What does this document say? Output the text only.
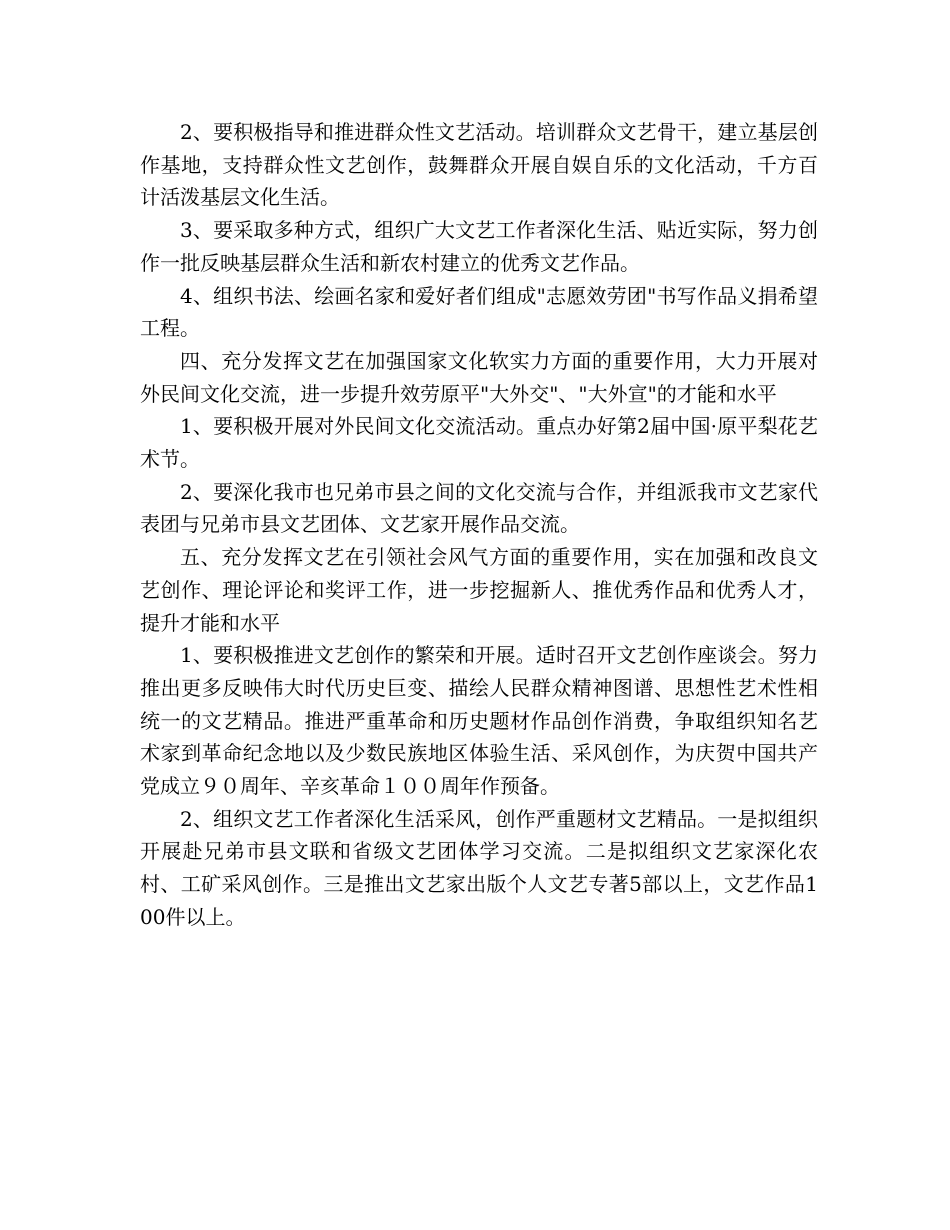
2、要积极指导和推进群众性文艺活动。培训群众文艺骨干，建立基层创作基地，支持群众性文艺创作，鼓舞群众开展自娱自乐的文化活动，千方百计活泼基层文化生活。

3、要采取多种方式，组织广大文艺工作者深化生活、贴近实际，努力创作一批反映基层群众生活和新农村建立的优秀文艺作品。

4、组织书法、绘画名家和爱好者们组成"志愿效劳团"书写作品义捐希望工程。

四、充分发挥文艺在加强国家文化软实力方面的重要作用，大力开展对外民间文化交流，进一步提升效劳原平"大外交"、"大外宣"的才能和水平

1、要积极开展对外民间文化交流活动。重点办好第2届中国·原平梨花艺术节。

2、要深化我市也兄弟市县之间的文化交流与合作，并组派我市文艺家代表团与兄弟市县文艺团体、文艺家开展作品交流。

五、充分发挥文艺在引领社会风气方面的重要作用，实在加强和改良文艺创作、理论评论和奖评工作，进一步挖掘新人、推优秀作品和优秀人才，提升才能和水平

1、要积极推进文艺创作的繁荣和开展。适时召开文艺创作座谈会。努力推出更多反映伟大时代历史巨变、描绘人民群众精神图谱、思想性艺术性相统一的文艺精品。推进严重革命和历史题材作品创作消费，争取组织知名艺术家到革命纪念地以及少数民族地区体验生活、采风创作，为庆贺中国共产党成立９０周年、辛亥革命１００周年作预备。

2、组织文艺工作者深化生活采风，创作严重题材文艺精品。一是拟组织开展赴兄弟市县文联和省级文艺团体学习交流。二是拟组织文艺家深化农村、工矿采风创作。三是推出文艺家出版个人文艺专著5部以上，文艺作品100件以上。
